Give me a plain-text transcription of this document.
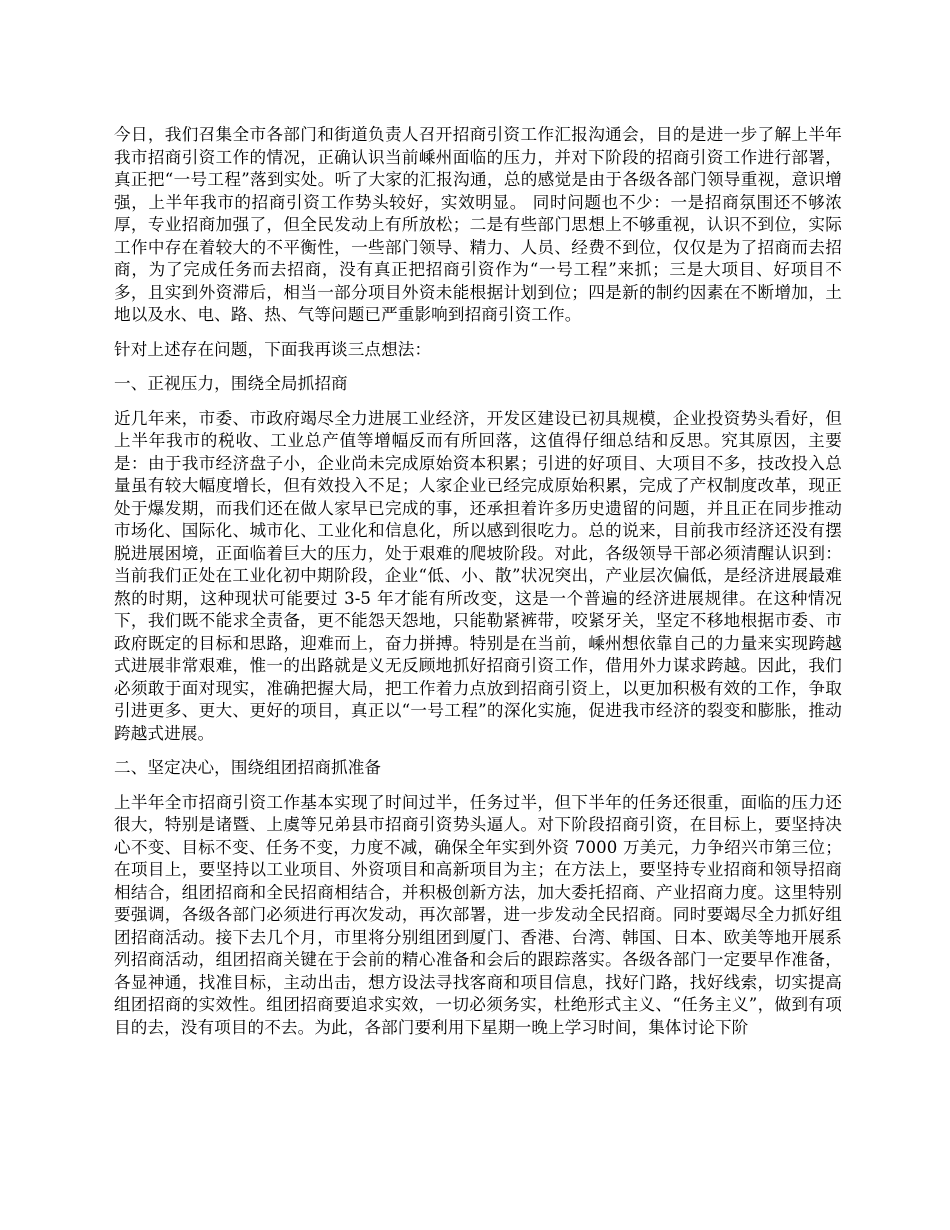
今日，我们召集全市各部门和街道负责人召开招商引资工作汇报沟通会，目的是进一步了解上半年我市招商引资工作的情况，正确认识当前嵊州面临的压力，并对下阶段的招商引资工作进行部署，真正把“一号工程”落到实处。听了大家的汇报沟通，总的感觉是由于各级各部门领导重视，意识增强，上半年我市的招商引资工作势头较好，实效明显。 同时问题也不少：一是招商氛围还不够浓厚，专业招商加强了，但全民发动上有所放松；二是有些部门思想上不够重视，认识不到位，实际工作中存在着较大的不平衡性，一些部门领导、精力、人员、经费不到位，仅仅是为了招商而去招商，为了完成任务而去招商，没有真正把招商引资作为“一号工程”来抓；三是大项目、好项目不多，且实到外资滞后，相当一部分项目外资未能根据计划到位；四是新的制约因素在不断增加，土地以及水、电、路、热、气等问题已严重影响到招商引资工作。

针对上述存在问题，下面我再谈三点想法：

一、正视压力，围绕全局抓招商

近几年来，市委、市政府竭尽全力进展工业经济，开发区建设已初具规模，企业投资势头看好，但上半年我市的税收、工业总产值等增幅反而有所回落，这值得仔细总结和反思。究其原因，主要是：由于我市经济盘子小，企业尚未完成原始资本积累；引进的好项目、大项目不多，技改投入总量虽有较大幅度增长，但有效投入不足；人家企业已经完成原始积累，完成了产权制度改革，现正处于爆发期，而我们还在做人家早已完成的事，还承担着许多历史遗留的问题，并且正在同步推动市场化、国际化、城市化、工业化和信息化，所以感到很吃力。总的说来，目前我市经济还没有摆脱进展困境，正面临着巨大的压力，处于艰难的爬坡阶段。对此，各级领导干部必须清醒认识到：当前我们正处在工业化初中期阶段，企业“低、小、散”状况突出，产业层次偏低，是经济进展最难熬的时期，这种现状可能要过 3-5 年才能有所改变，这是一个普遍的经济进展规律。在这种情况下，我们既不能求全责备，更不能怨天怨地，只能勒紧裤带，咬紧牙关，坚定不移地根据市委、市政府既定的目标和思路，迎难而上，奋力拼搏。特别是在当前，嵊州想依靠自己的力量来实现跨越式进展非常艰难，惟一的出路就是义无反顾地抓好招商引资工作，借用外力谋求跨越。因此，我们必须敢于面对现实，准确把握大局，把工作着力点放到招商引资上，以更加积极有效的工作，争取引进更多、更大、更好的项目，真正以“一号工程”的深化实施，促进我市经济的裂变和膨胀，推动跨越式进展。

二、坚定决心，围绕组团招商抓准备

上半年全市招商引资工作基本实现了时间过半，任务过半，但下半年的任务还很重，面临的压力还很大，特别是诸暨、上虞等兄弟县市招商引资势头逼人。对下阶段招商引资，在目标上，要坚持决心不变、目标不变、任务不变，力度不减，确保全年实到外资 7000 万美元，力争绍兴市第三位；在项目上，要坚持以工业项目、外资项目和高新项目为主；在方法上，要坚持专业招商和领导招商相结合，组团招商和全民招商相结合，并积极创新方法，加大委托招商、产业招商力度。这里特别要强调，各级各部门必须进行再次发动，再次部署，进一步发动全民招商。同时要竭尽全力抓好组团招商活动。接下去几个月，市里将分别组团到厦门、香港、台湾、韩国、日本、欧美等地开展系列招商活动，组团招商关键在于会前的精心准备和会后的跟踪落实。各级各部门一定要早作准备，各显神通，找准目标，主动出击，想方设法寻找客商和项目信息，找好门路，找好线索，切实提高组团招商的实效性。组团招商要追求实效，一切必须务实，杜绝形式主义、“任务主义”，做到有项目的去，没有项目的不去。为此，各部门要利用下星期一晚上学习时间，集体讨论下阶
